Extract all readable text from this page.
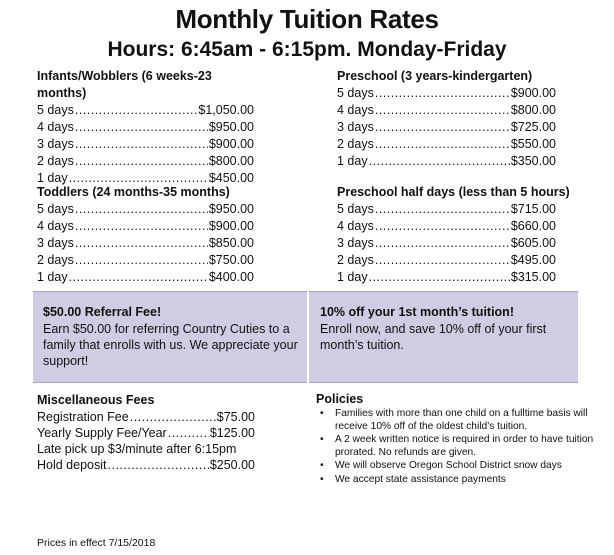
Monthly Tuition Rates
Hours: 6:45am - 6:15pm. Monday-Friday
Infants/Wobblers (6 weeks-23 months)
5 days .....	$1,050.00
4 days .....	$950.00
3 days .....	$900.00
2 days .....	$800.00
1 day .....	$450.00
Preschool (3 years-kindergarten)
5 days .....	$900.00
4 days .....	$800.00
3 days .....	$725.00
2 days .....	$550.00
1 day .....	$350.00
Toddlers (24 months-35 months)
5 days .....	$950.00
4 days .....	$900.00
3 days .....	$850.00
2 days .....	$750.00
1 day .....	$400.00
Preschool half days (less than 5 hours)
5 days .....	$715.00
4 days .....	$660.00
3 days .....	$605.00
2 days .....	$495.00
1 day .....	$315.00
$50.00 Referral Fee!
Earn $50.00 for referring Country Cuties to a family that enrolls with us. We appreciate your support!
10% off your 1st month’s tuition!
Enroll now, and save 10% off of your first month’s tuition.
Miscellaneous Fees
Registration Fee .....	$75.00
Yearly Supply Fee/Year .....	$125.00
Late pick up $3/minute after 6:15pm
Hold deposit .....	$250.00
Policies
• Families with more than one child on a fulltime basis will receive 10% off of the oldest child’s tuition.
• A 2 week written notice is required in order to have tuition prorated. No refunds are given.
• We will observe Oregon School District snow days
• We accept state assistance payments
Prices in effect 7/15/2018
